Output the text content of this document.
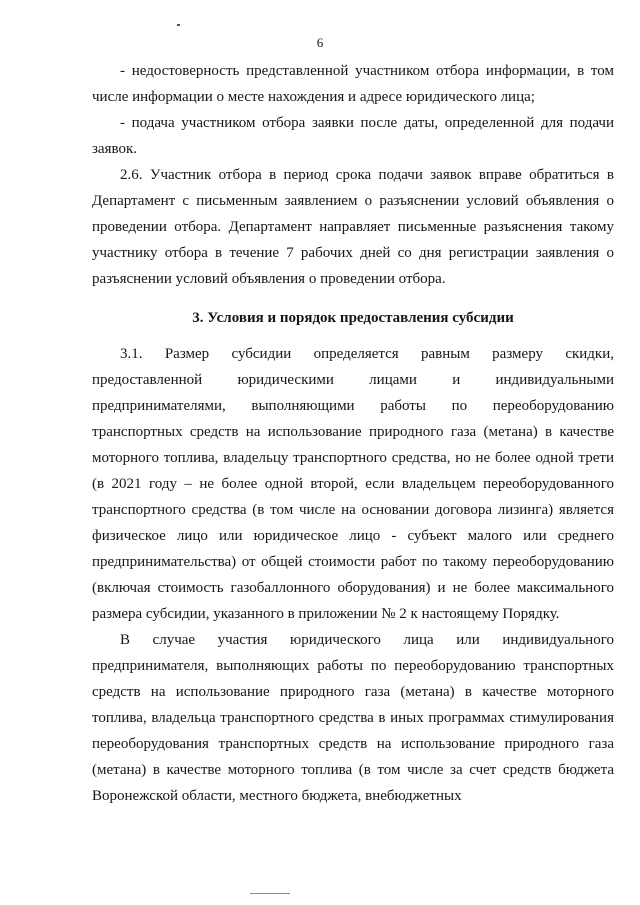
6

- недостоверность представленной участником отбора информации, в том числе информации о месте нахождения и адресе юридического лица;

- подача участником отбора заявки после даты, определенной для подачи заявок.

2.6. Участник отбора в период срока подачи заявок вправе обратиться в Департамент с письменным заявлением о разъяснении условий объявления о проведении отбора. Департамент направляет письменные разъяснения такому участнику отбора в течение 7 рабочих дней со дня регистрации заявления о разъяснении условий объявления о проведении отбора.

3. Условия и порядок предоставления субсидии

3.1. Размер субсидии определяется равным размеру скидки, предоставленной юридическими лицами и индивидуальными предпринимателями, выполняющими работы по переоборудованию транспортных средств на использование природного газа (метана) в качестве моторного топлива, владельцу транспортного средства, но не более одной трети (в 2021 году – не более одной второй, если владельцем переоборудованного транспортного средства (в том числе на основании договора лизинга) является физическое лицо или юридическое лицо - субъект малого или среднего предпринимательства) от общей стоимости работ по такому переоборудованию (включая стоимость газобаллонного оборудования) и не более максимального размера субсидии, указанного в приложении № 2 к настоящему Порядку.

В случае участия юридического лица или индивидуального предпринимателя, выполняющих работы по переоборудованию транспортных средств на использование природного газа (метана) в качестве моторного топлива, владельца транспортного средства в иных программах стимулирования переоборудования транспортных средств на использование природного газа (метана) в качестве моторного топлива (в том числе за счет средств бюджета Воронежской области, местного бюджета, внебюджетных
